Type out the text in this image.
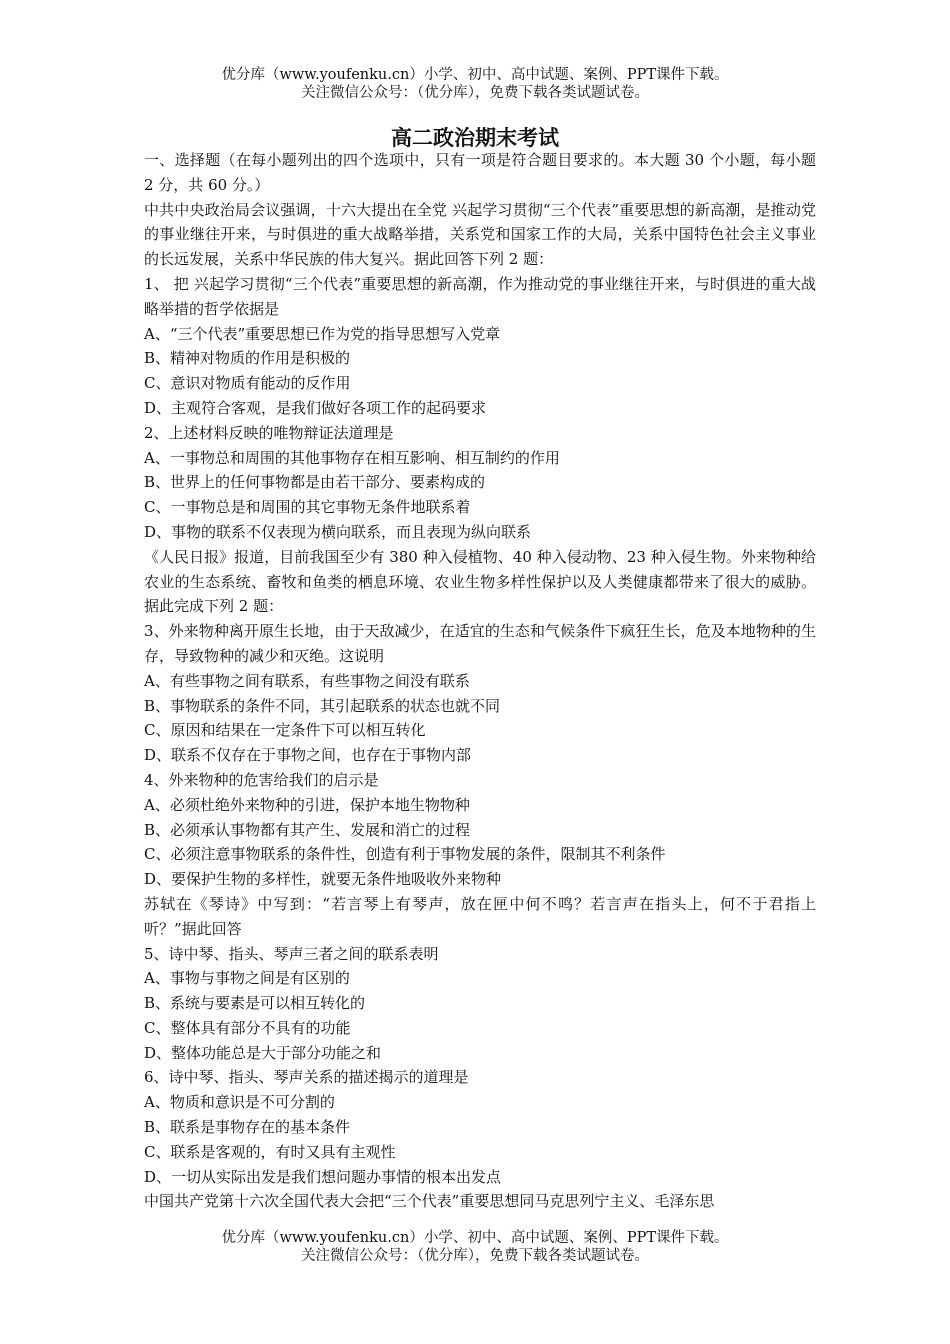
优分库（www.youfenku.cn）小学、初中、高中试题、案例、PPT课件下载。
关注微信公众号：（优分库），免费下载各类试题试卷。
高二政治期末考试

一、选择题（在每小题列出的四个选项中，只有一项是符合题目要求的。本大题 30 个小题，每小题 2 分，共 60 分。）

中共中央政治局会议强调，十六大提出在全党 兴起学习贯彻“三个代表”重要思想的新高潮，是推动党的事业继往开来，与时俱进的重大战略举措，关系党和国家工作的大局，关系中国特色社会主义事业的长远发展，关系中华民族的伟大复兴。据此回答下列 2 题：

1、 把 兴起学习贯彻“三个代表”重要思想的新高潮，作为推动党的事业继往开来，与时俱进的重大战略举措的哲学依据是

A、“三个代表”重要思想已作为党的指导思想写入党章

B、精神对物质的作用是积极的

C、意识对物质有能动的反作用

D、主观符合客观，是我们做好各项工作的起码要求

2、上述材料反映的唯物辩证法道理是

A、一事物总和周围的其他事物存在相互影响、相互制约的作用

B、世界上的任何事物都是由若干部分、要素构成的

C、一事物总是和周围的其它事物无条件地联系着

D、事物的联系不仅表现为横向联系，而且表现为纵向联系

《人民日报》报道，目前我国至少有 380 种入侵植物、40 种入侵动物、23 种入侵生物。外来物种给农业的生态系统、畜牧和鱼类的栖息环境、农业生物多样性保护以及人类健康都带来了很大的威胁。据此完成下列 2 题：

3、外来物种离开原生长地，由于天敌减少，在适宜的生态和气候条件下疯狂生长，危及本地物种的生存，导致物种的减少和灭绝。这说明

A、有些事物之间有联系，有些事物之间没有联系

B、事物联系的条件不同，其引起联系的状态也就不同

C、原因和结果在一定条件下可以相互转化

D、联系不仅存在于事物之间，也存在于事物内部

4、外来物种的危害给我们的启示是

A、必须杜绝外来物种的引进，保护本地生物物种

B、必须承认事物都有其产生、发展和消亡的过程

C、必须注意事物联系的条件性，创造有利于事物发展的条件，限制其不利条件

D、要保护生物的多样性，就要无条件地吸收外来物种

苏轼在《琴诗》中写到：“若言琴上有琴声，放在匣中何不鸣？若言声在指头上，何不于君指上听？”据此回答

5、诗中琴、指头、琴声三者之间的联系表明

A、事物与事物之间是有区别的

B、系统与要素是可以相互转化的

C、整体具有部分不具有的功能

D、整体功能总是大于部分功能之和

6、诗中琴、指头、琴声关系的描述揭示的道理是

A、物质和意识是不可分割的

B、联系是事物存在的基本条件

C、联系是客观的，有时又具有主观性

D、一切从实际出发是我们想问题办事情的根本出发点

中国共产党第十六次全国代表大会把“三个代表”重要思想同马克思列宁主义、毛泽东思

优分库（www.youfenku.cn）小学、初中、高中试题、案例、PPT课件下载。
关注微信公众号：（优分库），免费下载各类试题试卷。
